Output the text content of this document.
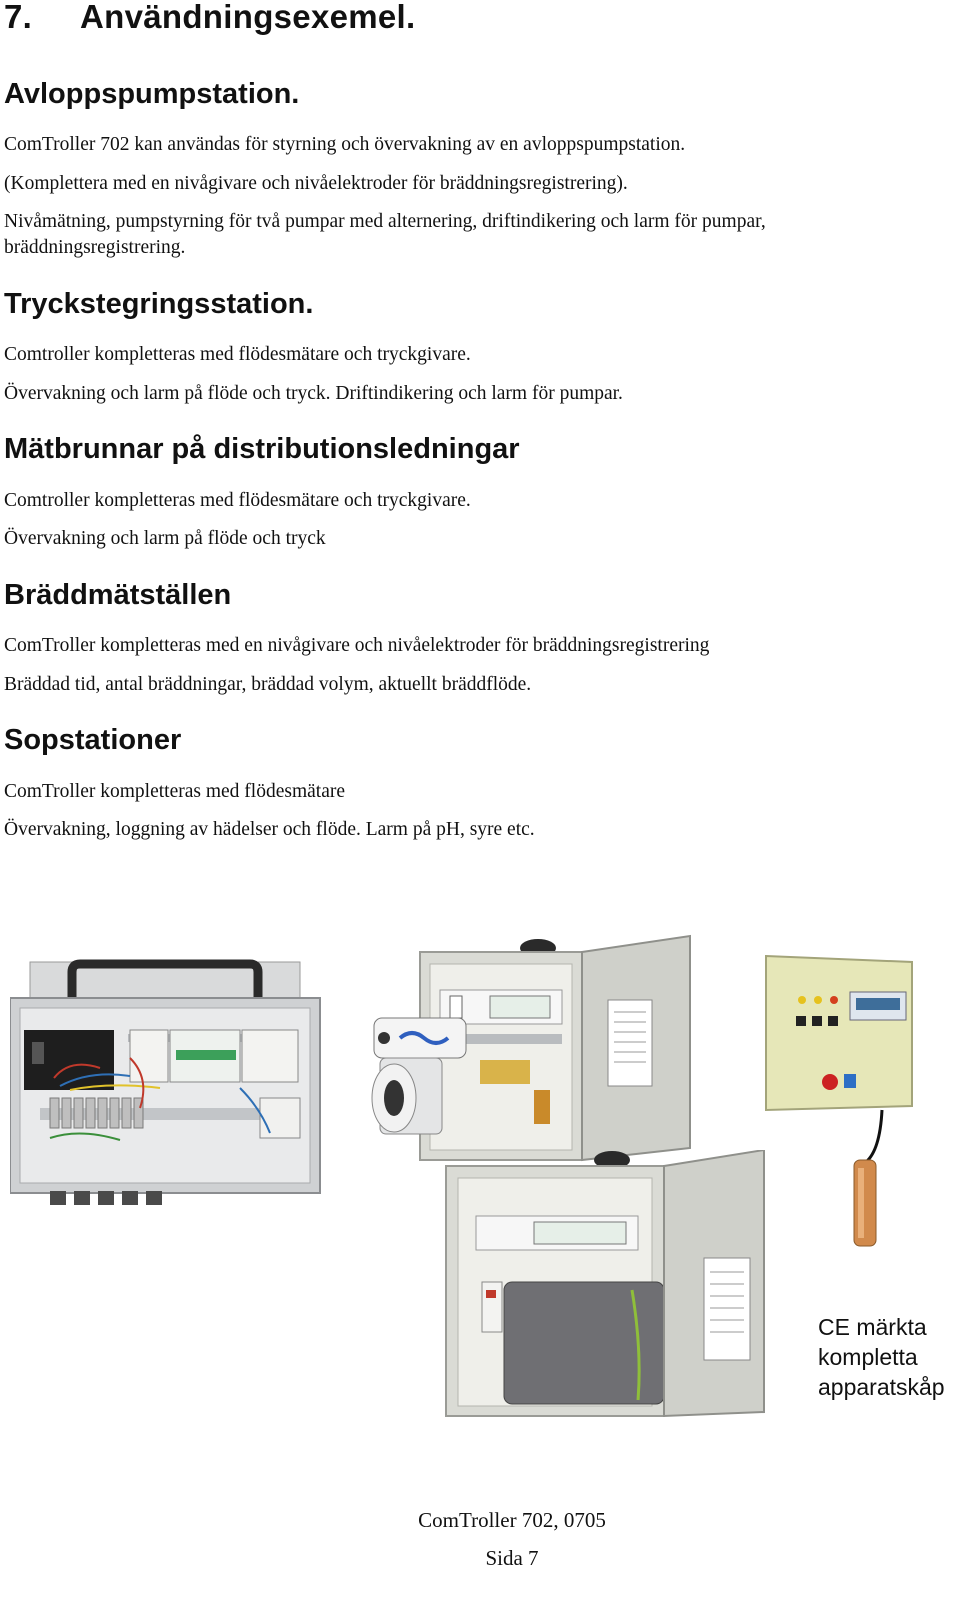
7. Användningsexemel.
Avloppspumpstation.

ComTroller 702 kan användas för styrning och övervakning av en avloppspumpstation.

(Komplettera med en nivågivare och nivåelektroder för bräddningsregistrering).

Nivåmätning, pumpstyrning för två pumpar med alternering, driftindikering och larm för pumpar, bräddningsregistrering.

Tryckstegringsstation.

Comtroller kompletteras med flödesmätare och tryckgivare.

Övervakning och larm på flöde och tryck. Driftindikering och larm för pumpar.

Mätbrunnar på distributionsledningar

Comtroller kompletteras med flödesmätare och tryckgivare.

Övervakning och larm på flöde och tryck

Bräddmätställen

ComTroller kompletteras med en nivågivare och nivåelektroder för bräddningsregistrering

Bräddad tid, antal bräddningar, bräddad volym, aktuellt bräddflöde.

Sopstationer

ComTroller kompletteras med flödesmätare

Övervakning, loggning av hädelser och flöde. Larm på pH, syre etc.

CE märkta
kompletta
apparatskåp
ComTroller 702, 0705
Sida 7
